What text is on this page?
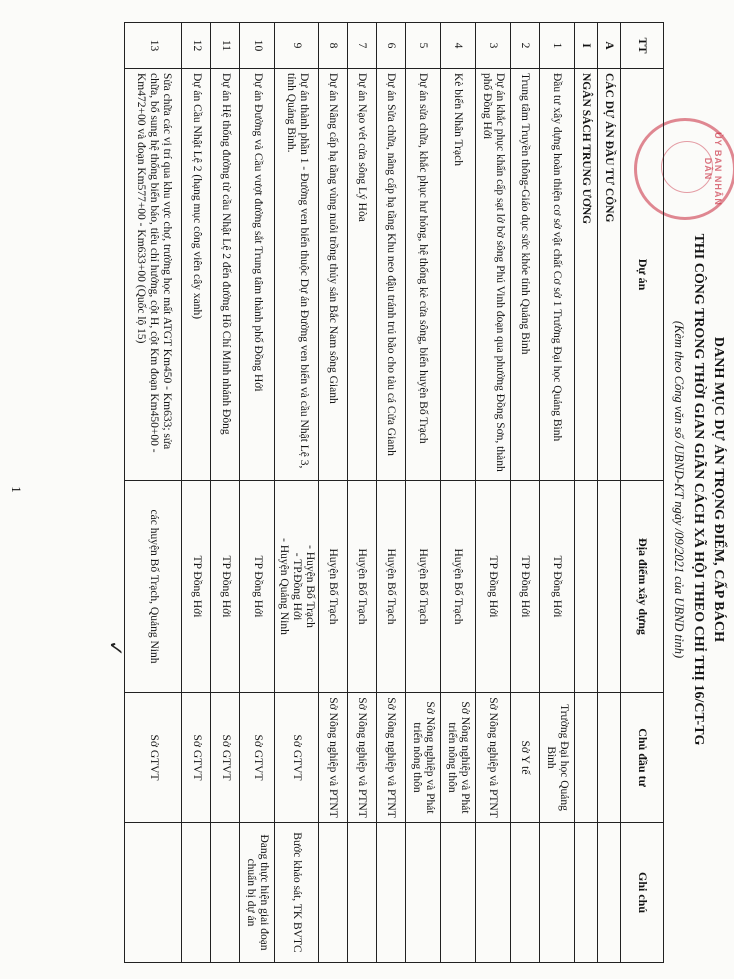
ỦY BAN NHÂN DÂN
DANH MỤC DỰ ÁN TRỌNG ĐIỂM, CẤP BÁCH
THI CÔNG TRONG THỜI GIAN GIÃN CÁCH XÃ HỘI THEO CHỈ THỊ 16/CT-TG
(Kèm theo Công văn số /UBND-KT ngày /09/2021 của UBND tỉnh)
TT	Dự án	Địa điểm xây dựng	Chủ đầu tư	Ghi chú
A	CÁC DỰ ÁN ĐẦU TƯ CÔNG			
I	NGÂN SÁCH TRUNG ƯƠNG			
1	Đầu tư xây dựng hoàn thiện cơ sở vật chất Cơ sở 1 Trường Đại học Quảng Bình	TP Đồng Hới	Trường Đại học Quảng Bình	
2	Trung tâm Truyền thông-Giáo dục sức khỏe tỉnh Quảng Bình	TP Đồng Hới	Sở Y tế	
3	Dự án khắc phục khẩn cấp sạt lở bờ sông Phú Vinh đoạn qua phường Đồng Sơn, thành phố Đồng Hới	TP Đồng Hới	Sở Nông nghiệp và PTNT	
4	Kè biển Nhân Trạch	Huyện Bố Trạch	Sở Nông nghiệp và Phát triển nông thôn	
5	Dự án sửa chữa, khắc phục hư hỏng, hệ thống kè cửa sông, biển huyện Bố Trạch	Huyện Bố Trạch	Sở Nông nghiệp và Phát triển nông thôn	
6	Dự án Sửa chữa, nâng cấp hạ tầng Khu neo đậu tránh trú bão cho tàu cá Cửa Gianh	Huyện Bố Trạch	Sở Nông nghiệp và PTNT	
7	Dự án Nạo vét cửa sông Lý Hòa	Huyện Bố Trạch	Sở Nông nghiệp và PTNT	
8	Dự án Nâng cấp hạ tầng vùng nuôi trồng thủy sản Bắc Nam sông Gianh	Huyện Bố Trạch	Sở Nông nghiệp và PTNT	
9	Dự án thành phần 1 - Đường ven biển thuộc Dự án Đường ven biển và cầu Nhật Lệ 3, tỉnh Quảng Bình.	- Huyện Bố Trạch
- TP.Đồng Hới
- Huyện Quảng Ninh	Sở GTVT	Bước khảo sát, TK BVTC
10	Dự án Đường và Cầu vượt đường sắt Trung tâm thành phố Đồng Hới	TP Đồng Hới	Sở GTVT	Đang thực hiện giai đoạn chuẩn bị dự án
11	Dự án Hệ thống đường từ cầu Nhật Lệ 2 đến đường Hồ Chí Minh nhánh Đông	TP Đồng Hới	Sở GTVT	
12	Dự án Cầu Nhật Lệ 2 (hạng mục công viên cây xanh)	TP Đồng Hới	Sở GTVT	
13	Sửa chữa các vị trí qua khu vực chợ, trường học mất ATGT Km450 - Km633; sửa chữa, bổ sung hệ thống biển báo, tiêu chỉ hướng, cột H, cột Km đoạn Km450+00 - Km472+00 và đoạn Km577+00 - Km633+00 (Quốc lộ 15)	các huyện Bố Trạch, Quảng Ninh	Sở GTVT	
✓
1
